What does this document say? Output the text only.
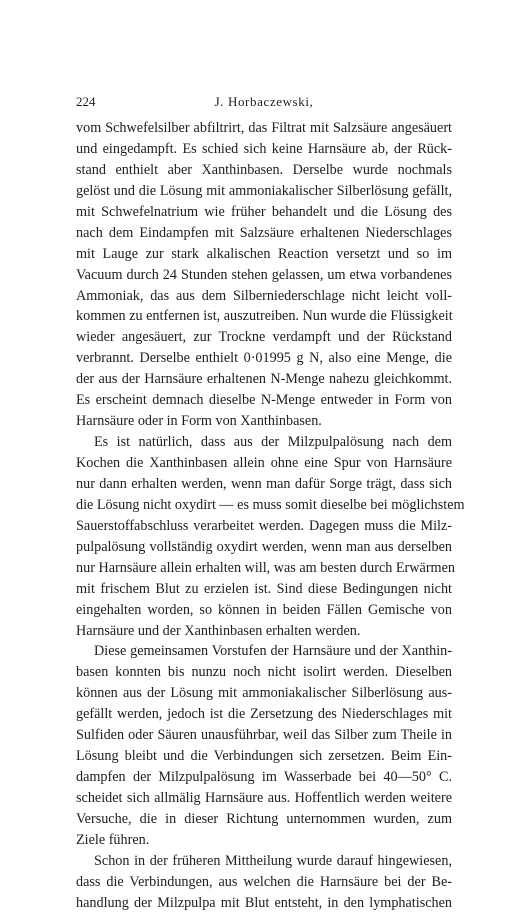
224	J. Horbaczewski,
vom Schwefelsilber abfiltrirt, das Filtrat mit Salzsäure angesäuert
und eingedampft. Es schied sich keine Harnsäure ab, der Rück-
stand enthielt aber Xanthinbasen. Derselbe wurde nochmals
gelöst und die Lösung mit ammoniakalischer Silberlösung gefällt,
mit Schwefelnatrium wie früher behandelt und die Lösung des
nach dem Eindampfen mit Salzsäure erhaltenen Niederschlages
mit Lauge zur stark alkalischen Reaction versetzt und so im
Vacuum durch 24 Stunden stehen gelassen, um etwa vorbandenes
Ammoniak, das aus dem Silberniederschlage nicht leicht voll-
kommen zu entfernen ist, auszutreiben. Nun wurde die Flüssigkeit
wieder angesäuert, zur Trockne verdampft und der Rückstand
verbrannt. Derselbe enthielt 0·01995 g N, also eine Menge, die
der aus der Harnsäure erhaltenen N-Menge nahezu gleichkommt.
Es erscheint demnach dieselbe N-Menge entweder in Form von
Harnsäure oder in Form von Xanthinbasen.
Es ist natürlich, dass aus der Milzpulpalösung nach dem
Kochen die Xanthinbasen allein ohne eine Spur von Harnsäure
nur dann erhalten werden, wenn man dafür Sorge trägt, dass sich
die Lösung nicht oxydirt — es muss somit dieselbe bei möglichstem
Sauerstoffabschluss verarbeitet werden. Dagegen muss die Milz-
pulpalösung vollständig oxydirt werden, wenn man aus derselben
nur Harnsäure allein erhalten will, was am besten durch Erwärmen
mit frischem Blut zu erzielen ist. Sind diese Bedingungen nicht
eingehalten worden, so können in beiden Fällen Gemische von
Harnsäure und der Xanthinbasen erhalten werden.
Diese gemeinsamen Vorstufen der Harnsäure und der Xanthin-
basen konnten bis nunzu noch nicht isolirt werden. Dieselben
können aus der Lösung mit ammoniakalischer Silberlösung aus-
gefällt werden, jedoch ist die Zersetzung des Niederschlages mit
Sulfiden oder Säuren unausführbar, weil das Silber zum Theile in
Lösung bleibt und die Verbindungen sich zersetzen. Beim Ein-
dampfen der Milzpulpalösung im Wasserbade bei 40—50° C.
scheidet sich allmälig Harnsäure aus. Hoffentlich werden weitere
Versuche, die in dieser Richtung unternommen wurden, zum
Ziele führen.
Schon in der früheren Mittheilung wurde darauf hingewiesen,
dass die Verbindungen, aus welchen die Harnsäure bei der Be-
handlung der Milzpulpa mit Blut entsteht, in den lymphatischen
